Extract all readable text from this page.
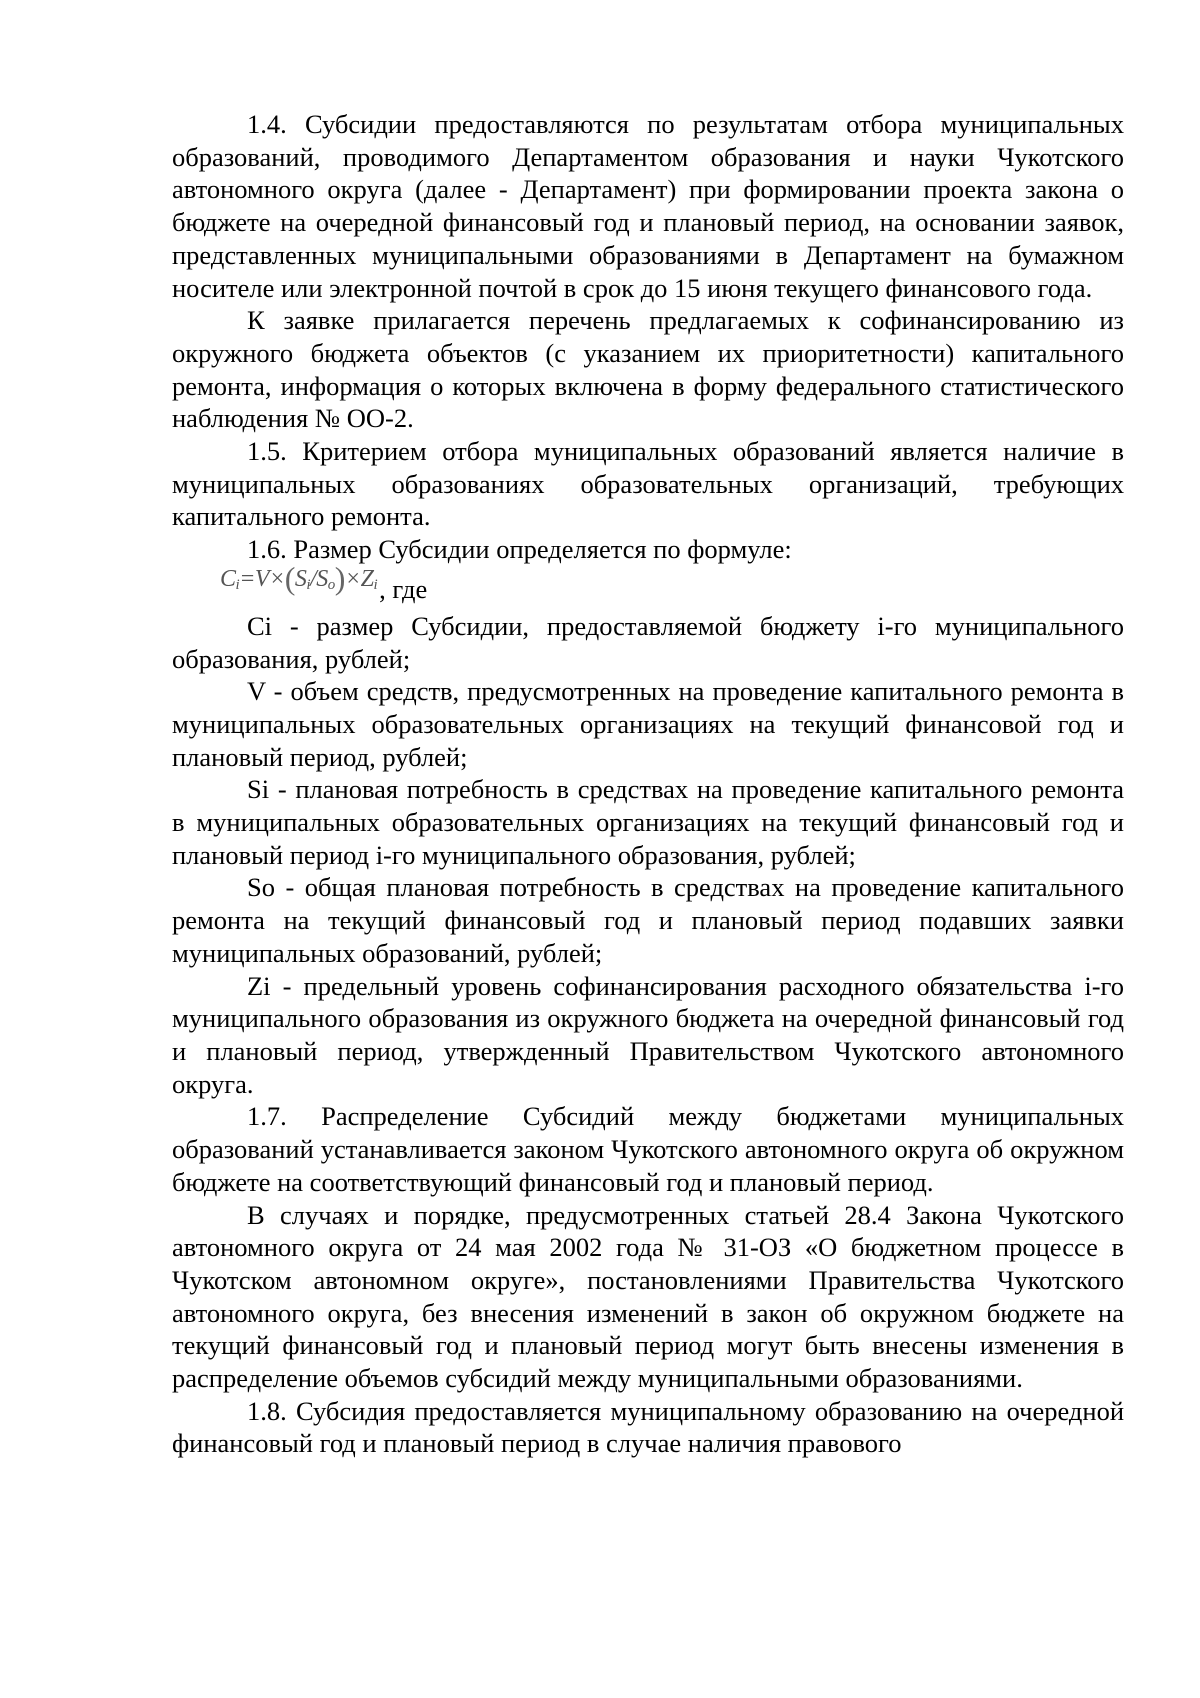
1.4. Субсидии предоставляются по результатам отбора муниципальных образований, проводимого Департаментом образования и науки Чукотского автономного округа (далее - Департамент) при формировании проекта закона о бюджете на очередной финансовый год и плановый период, на основании заявок, представленных муниципальными образованиями в Департамент на бумажном носителе или электронной почтой в срок до 15 июня текущего финансового года.

К заявке прилагается перечень предлагаемых к софинансированию из окружного бюджета объектов (с указанием их приоритетности) капитального ремонта, информация о которых включена в форму федерального статистического наблюдения № ОО-2.

1.5. Критерием отбора муниципальных образований является наличие в муниципальных образованиях образовательных организаций, требующих капитального ремонта.

1.6. Размер Субсидии определяется по формуле:

$C_i=V\times(S_i/S_o)\times Z_i$ , где

Ci - размер Субсидии, предоставляемой бюджету i-го муниципального образования, рублей;

V - объем средств, предусмотренных на проведение капитального ремонта в муниципальных образовательных организациях на текущий финансовой год и плановый период, рублей;

Si - плановая потребность в средствах на проведение капитального ремонта в муниципальных образовательных организациях на текущий финансовый год и плановый период i-го муниципального образования, рублей;

So - общая плановая потребность в средствах на проведение капитального ремонта на текущий финансовый год и плановый период подавших заявки муниципальных образований, рублей;

Zi - предельный уровень софинансирования расходного обязательства i-го муниципального образования из окружного бюджета на очередной финансовый год и плановый период, утвержденный Правительством Чукотского автономного округа.

1.7. Распределение Субсидий между бюджетами муниципальных образований устанавливается законом Чукотского автономного округа об окружном бюджете на соответствующий финансовый год и плановый период.

В случаях и порядке, предусмотренных статьей 28.4 Закона Чукотского автономного округа от 24 мая 2002 года № 31-ОЗ «О бюджетном процессе в Чукотском автономном округе», постановлениями Правительства Чукотского автономного округа, без внесения изменений в закон об окружном бюджете на текущий финансовый год и плановый период могут быть внесены изменения в распределение объемов субсидий между муниципальными образованиями.

1.8. Субсидия предоставляется муниципальному образованию на очередной финансовый год и плановый период в случае наличия правового
